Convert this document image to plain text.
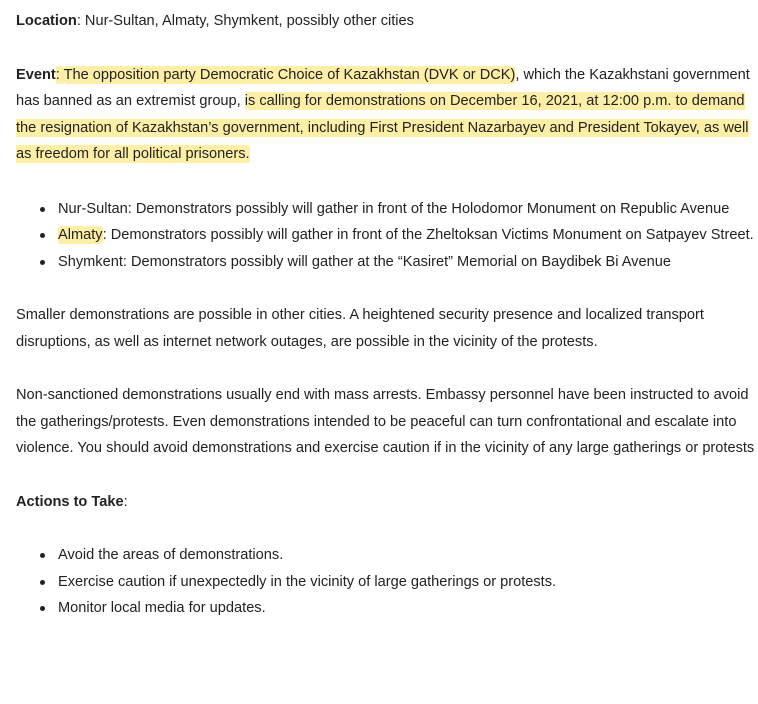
Location: Nur-Sultan, Almaty, Shymkent, possibly other cities

Event: The opposition party Democratic Choice of Kazakhstan (DVK or DCK), which the Kazakhstani government has banned as an extremist group, is calling for demonstrations on December 16, 2021, at 12:00 p.m. to demand the resignation of Kazakhstan’s government, including First President Nazarbayev and President Tokayev, as well as freedom for all political prisoners.

Nur-Sultan: Demonstrators possibly will gather in front of the Holodomor Monument on Republic Avenue
Almaty: Demonstrators possibly will gather in front of the Zheltoksan Victims Monument on Satpayev Street.
Shymkent: Demonstrators possibly will gather at the “Kasiret” Memorial on Baydibek Bi Avenue

Smaller demonstrations are possible in other cities. A heightened security presence and localized transport disruptions, as well as internet network outages, are possible in the vicinity of the protests.

Non-sanctioned demonstrations usually end with mass arrests. Embassy personnel have been instructed to avoid the gatherings/protests. Even demonstrations intended to be peaceful can turn confrontational and escalate into violence. You should avoid demonstrations and exercise caution if in the vicinity of any large gatherings or protests

Actions to Take:

Avoid the areas of demonstrations.
Exercise caution if unexpectedly in the vicinity of large gatherings or protests.
Monitor local media for updates.
